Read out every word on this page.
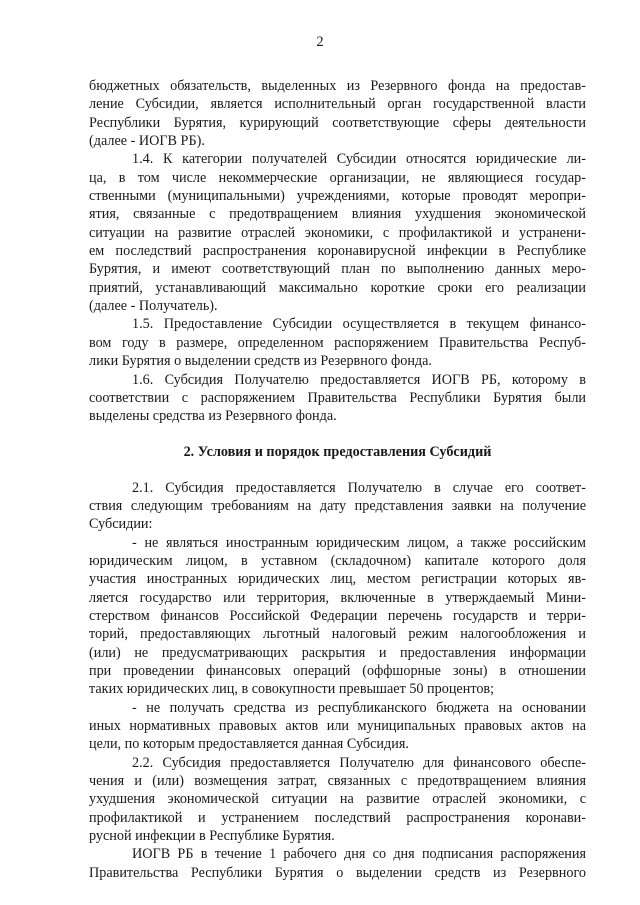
2
бюджетных обязательств, выделенных из Резервного фонда на предостав-
ление Субсидии, является исполнительный орган государственной власти
Республики Бурятия, курирующий соответствующие сферы деятельности
(далее - ИОГВ РБ).
1.4. К категории получателей Субсидии относятся юридические ли-
ца, в том числе некоммерческие организации, не являющиеся государ-
ственными (муниципальными) учреждениями, которые проводят меропри-
ятия, связанные с предотвращением влияния ухудшения экономической
ситуации на развитие отраслей экономики, с профилактикой и устранени-
ем последствий распространения коронавирусной инфекции в Республике
Бурятия, и имеют соответствующий план по выполнению данных меро-
приятий, устанавливающий максимально короткие сроки его реализации
(далее - Получатель).
1.5. Предоставление Субсидии осуществляется в текущем финансо-
вом году в размере, определенном распоряжением Правительства Респуб-
лики Бурятия о выделении средств из Резервного фонда.
1.6. Субсидия Получателю предоставляется ИОГВ РБ, которому в
соответствии с распоряжением Правительства Республики Бурятия были
выделены средства из Резервного фонда.
2. Условия и порядок предоставления Субсидий
2.1. Субсидия предоставляется Получателю в случае его соответ-
ствия следующим требованиям на дату представления заявки на получение
Субсидии:
- не являться иностранным юридическим лицом, а также российским
юридическим лицом, в уставном (складочном) капитале которого доля
участия иностранных юридических лиц, местом регистрации которых яв-
ляется государство или территория, включенные в утверждаемый Мини-
стерством финансов Российской Федерации перечень государств и терри-
торий, предоставляющих льготный налоговый режим налогообложения и
(или) не предусматривающих раскрытия и предоставления информации
при проведении финансовых операций (оффшорные зоны) в отношении
таких юридических лиц, в совокупности превышает 50 процентов;
- не получать средства из республиканского бюджета на основании
иных нормативных правовых актов или муниципальных правовых актов на
цели, по которым предоставляется данная Субсидия.
2.2. Субсидия предоставляется Получателю для финансового обеспе-
чения и (или) возмещения затрат, связанных с предотвращением влияния
ухудшения экономической ситуации на развитие отраслей экономики, с
профилактикой и устранением последствий распространения коронави-
русной инфекции в Республике Бурятия.
ИОГВ РБ в течение 1 рабочего дня со дня подписания распоряжения
Правительства Республики Бурятия о выделении средств из Резервного
